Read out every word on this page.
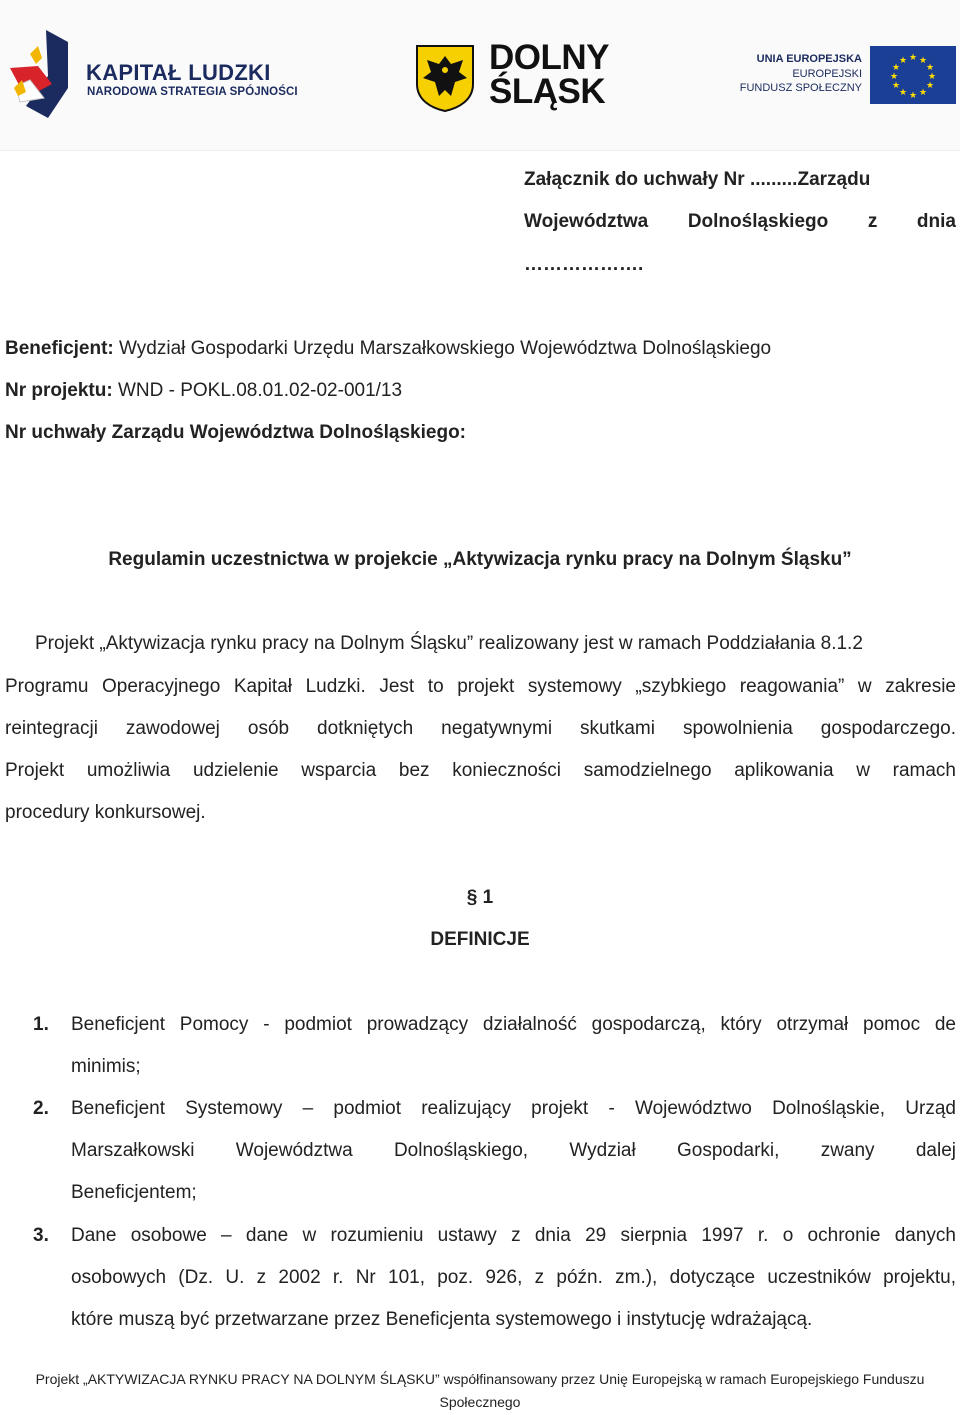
KAPITAŁ LUDZKI
NARODOWA STRATEGIA SPÓJNOŚCI
DOLNY
ŚLĄSK
UNIA EUROPEJSKA
EUROPEJSKI
FUNDUSZ SPOŁECZNY
★ ★
★
★
★
★
★
★
★
★
★
★
Załącznik do uchwały Nr .........Zarządu
Województwa Dolnośląskiego z dnia
……………….
Beneficjent: Wydział Gospodarki Urzędu Marszałkowskiego Województwa Dolnośląskiego
Nr projektu: WND - POKL.08.01.02-02-001/13
Nr uchwały Zarządu Województwa Dolnośląskiego:
Regulamin uczestnictwa w projekcie „Aktywizacja rynku pracy na Dolnym Śląsku”
Projekt „Aktywizacja rynku pracy na Dolnym Śląsku” realizowany jest w ramach Poddziałania 8.1.2
Programu Operacyjnego Kapitał Ludzki. Jest to projekt systemowy „szybkiego reagowania” w zakresie
reintegracji zawodowej osób dotkniętych negatywnymi skutkami spowolnienia gospodarczego.
Projekt umożliwia udzielenie wsparcia bez konieczności samodzielnego aplikowania w ramach
procedury konkursowej.
§ 1
DEFINICJE
1. Beneficjent Pomocy - podmiot prowadzący działalność gospodarczą, który otrzymał pomoc de
minimis;
2. Beneficjent Systemowy – podmiot realizujący projekt - Województwo Dolnośląskie, Urząd
Marszałkowski Województwa Dolnośląskiego, Wydział Gospodarki, zwany dalej
Beneficjentem;
3. Dane osobowe – dane w rozumieniu ustawy z dnia 29 sierpnia 1997 r. o ochronie danych
osobowych (Dz. U. z 2002 r. Nr 101, poz. 926, z późn. zm.), dotyczące uczestników projektu,
które muszą być przetwarzane przez Beneficjenta systemowego i instytucję wdrażającą.
Projekt „AKTYWIZACJA RYNKU PRACY NA DOLNYM ŚLĄSKU” współfinansowany przez Unię Europejską w ramach Europejskiego Funduszu
Społecznego
